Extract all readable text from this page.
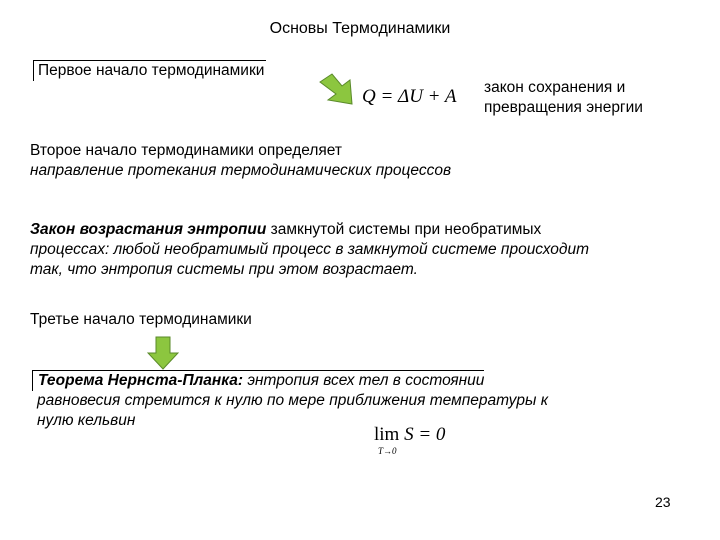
Основы Термодинамики
Первое начало термодинамики
Q = ΔU + A закон сохранения и
превращения энергии
Второе начало термодинамики определяет
направление протекания термодинамических процессов
Закон возрастания энтропии замкнутой системы при необратимых
процессах: любой необратимый процесс в замкнутой системе происходит
так, что энтропия системы при этом возрастает.
Третье начало термодинамики
Теорема Нернста-Планка: энтропия всех тел в состоянии
равновесия стремится к нулю по мере приближения температуры к
нулю кельвин
lim S = 0
T→0
23
